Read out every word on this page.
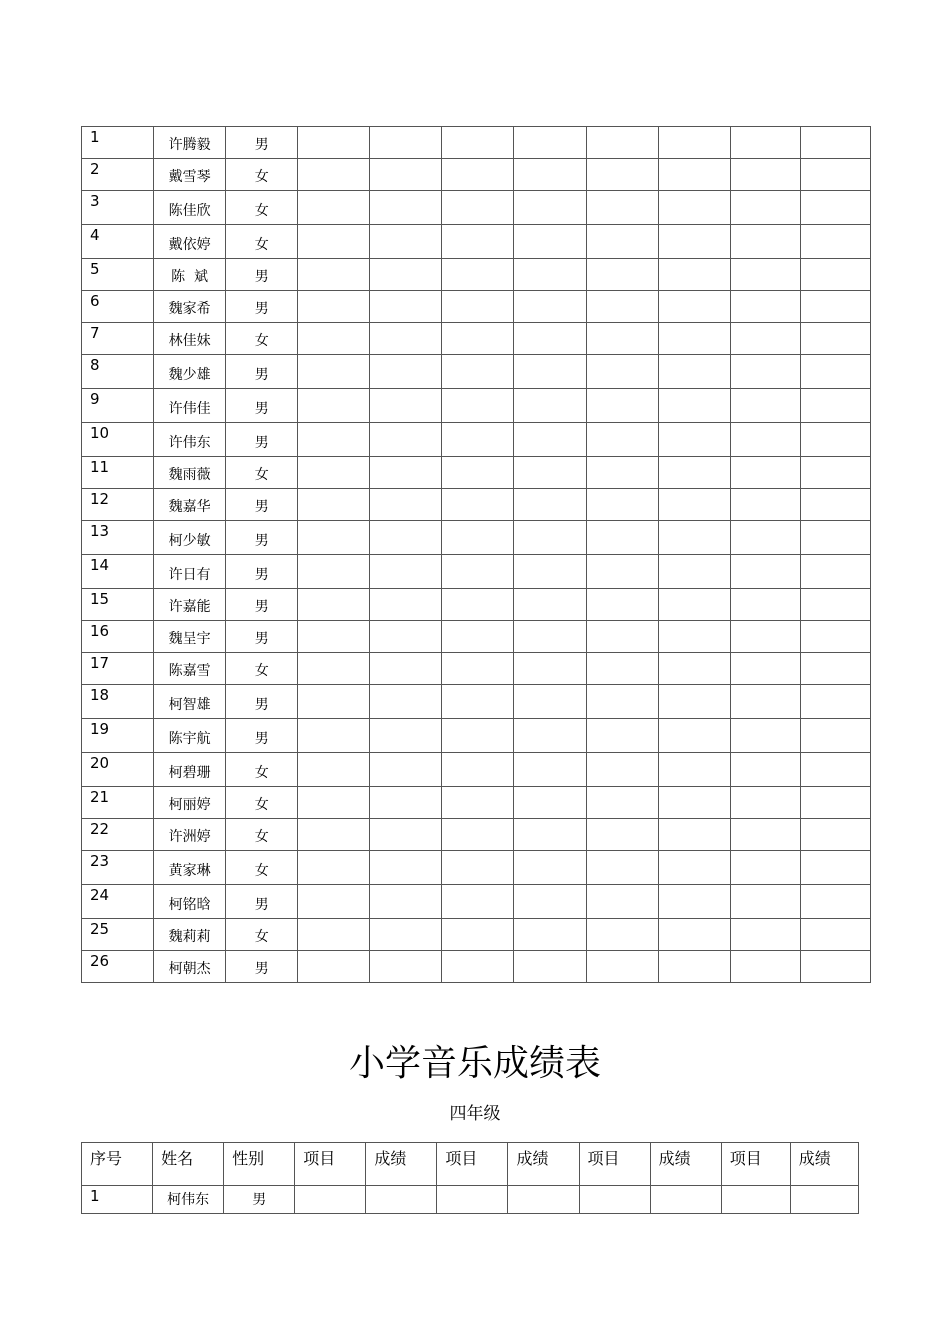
1	许腾毅	男								
2	戴雪琴	女								
3	陈佳欣	女								
4	戴依婷	女								
5	陈  斌	男								
6	魏家希	男								
7	林佳妹	女								
8	魏少雄	男								
9	许伟佳	男								
10	许伟东	男								
11	魏雨薇	女								
12	魏嘉华	男								
13	柯少敏	男								
14	许日有	男								
15	许嘉能	男								
16	魏呈宇	男								
17	陈嘉雪	女								
18	柯智雄	男								
19	陈宇航	男								
20	柯碧珊	女								
21	柯丽婷	女								
22	许洲婷	女								
23	黄家琳	女								
24	柯铭晗	男								
25	魏莉莉	女								
26	柯朝杰	男								
小学音乐成绩表
四年级
序号	姓名	性别	项目	成绩	项目	成绩	项目	成绩	项目	成绩
1	柯伟东	男								
